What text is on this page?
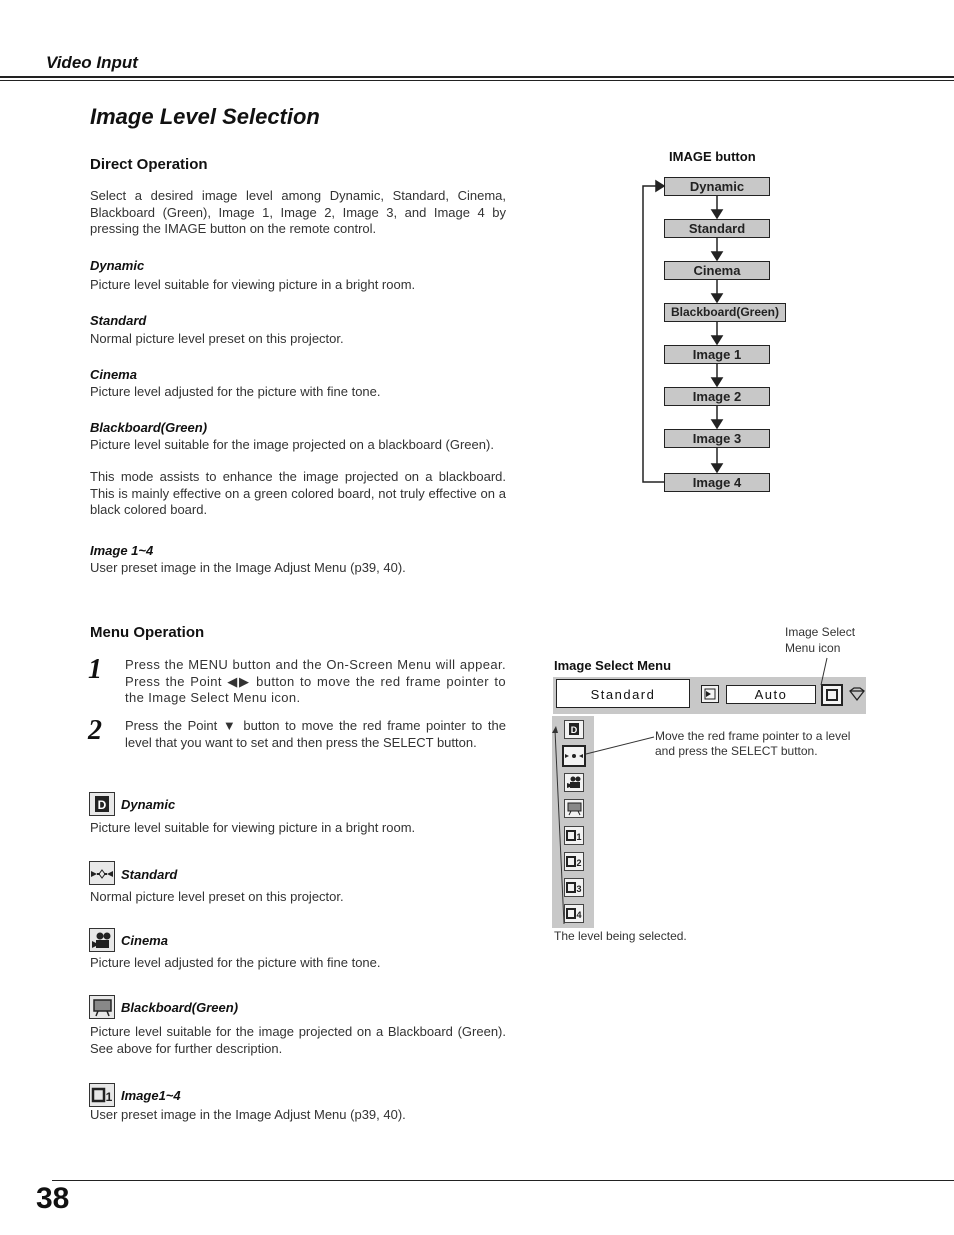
Video Input
Image Level Selection
Direct Operation
Select a desired image level among Dynamic, Standard, Cinema, Blackboard (Green), Image 1, Image 2, Image 3, and Image 4 by pressing the IMAGE button on the remote control.
Dynamic
Picture level suitable for viewing picture in a bright room.
Standard
Normal picture level preset on this projector.
Cinema
Picture level adjusted for the picture with fine tone.
Blackboard(Green)
Picture level suitable for the image projected on a blackboard (Green).
This mode assists to enhance the image projected on a blackboard. This is mainly effective on a green colored board, not truly effective on a black colored board.
Image 1~4
User preset image in the Image Adjust Menu (p39, 40).
IMAGE button
Dynamic
Standard
Cinema
Blackboard(Green)
Image 1
Image 2
Image 3
Image 4
Menu Operation
1 Press the MENU button and the On-Screen Menu will appear. Press the Point ◀▶ button to move the red frame pointer to the Image Select Menu icon.
2 Press the Point ▼ button to move the red frame pointer to the level that you want to set and then press the SELECT button.
D Dynamic
Picture level suitable for viewing picture in a bright room.
Standard
Normal picture level preset on this projector.
Cinema
Picture level adjusted for the picture with fine tone.
Blackboard(Green)
Picture level suitable for the image projected on a Blackboard (Green). See above for further description.
1 Image1~4
User preset image in the Image Adjust Menu (p39, 40).
Image Select
Menu icon
Image Select Menu
Standard	Auto
D
1
2
3
4
Move the red frame pointer to a level
and press the SELECT button.
The level being selected.
38
